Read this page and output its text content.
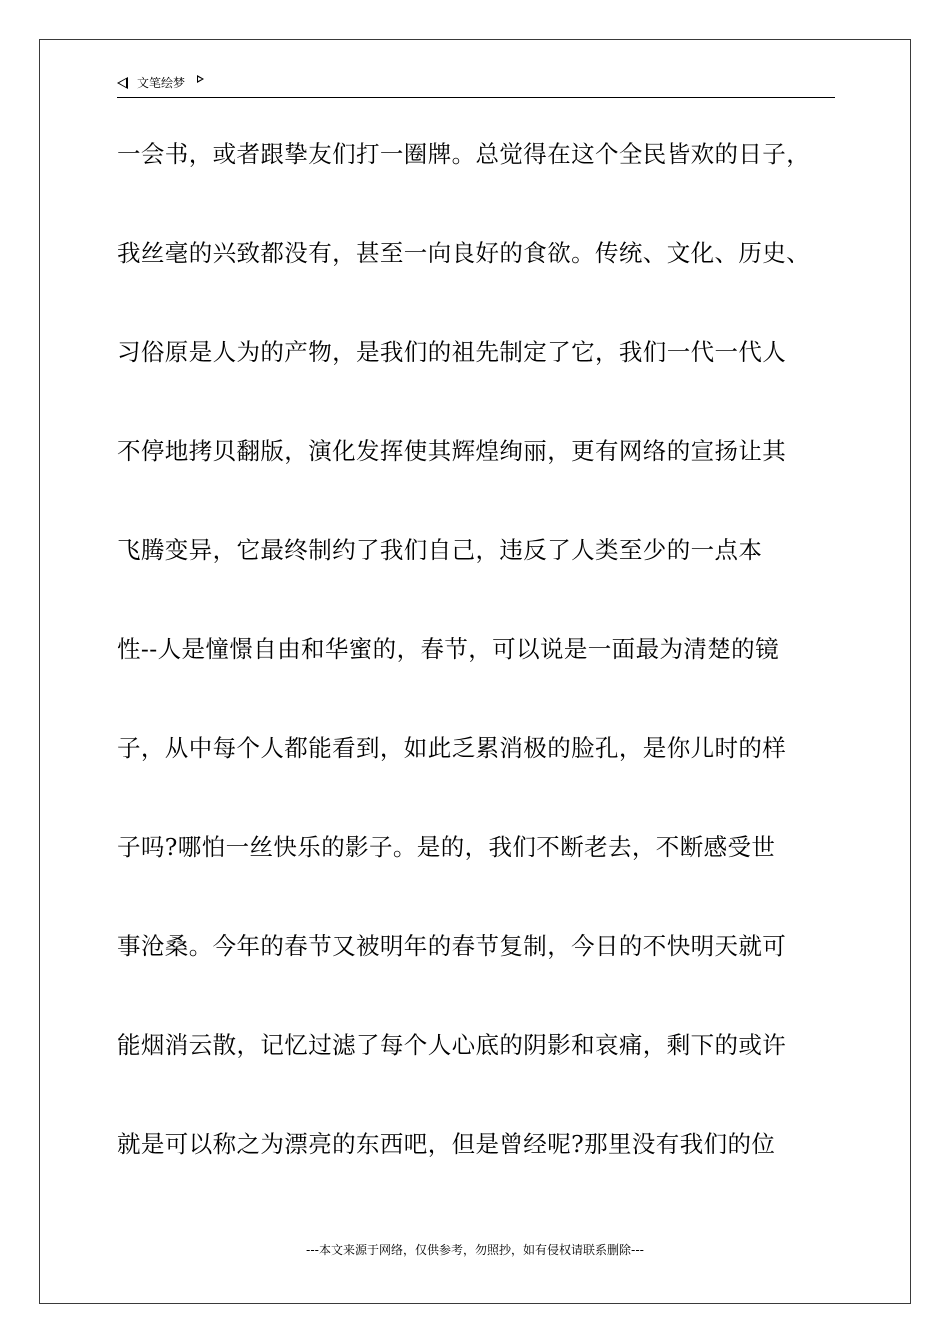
文笔绘梦
一会书，或者跟挚友们打一圈牌。总觉得在这个全民皆欢的日子，
我丝毫的兴致都没有，甚至一向良好的食欲。传统、文化、历史、
习俗原是人为的产物，是我们的祖先制定了它，我们一代一代人
不停地拷贝翻版，演化发挥使其辉煌绚丽，更有网络的宣扬让其
飞腾变异，它最终制约了我们自己，违反了人类至少的一点本
性--人是憧憬自由和华蜜的，春节，可以说是一面最为清楚的镜
子，从中每个人都能看到，如此乏累消极的脸孔，是你儿时的样
子吗?哪怕一丝快乐的影子。是的，我们不断老去，不断感受世
事沧桑。今年的春节又被明年的春节复制，今日的不快明天就可
能烟消云散，记忆过滤了每个人心底的阴影和哀痛，剩下的或许
就是可以称之为漂亮的东西吧，但是曾经呢?那里没有我们的位
---本文来源于网络，仅供参考，勿照抄，如有侵权请联系删除---
